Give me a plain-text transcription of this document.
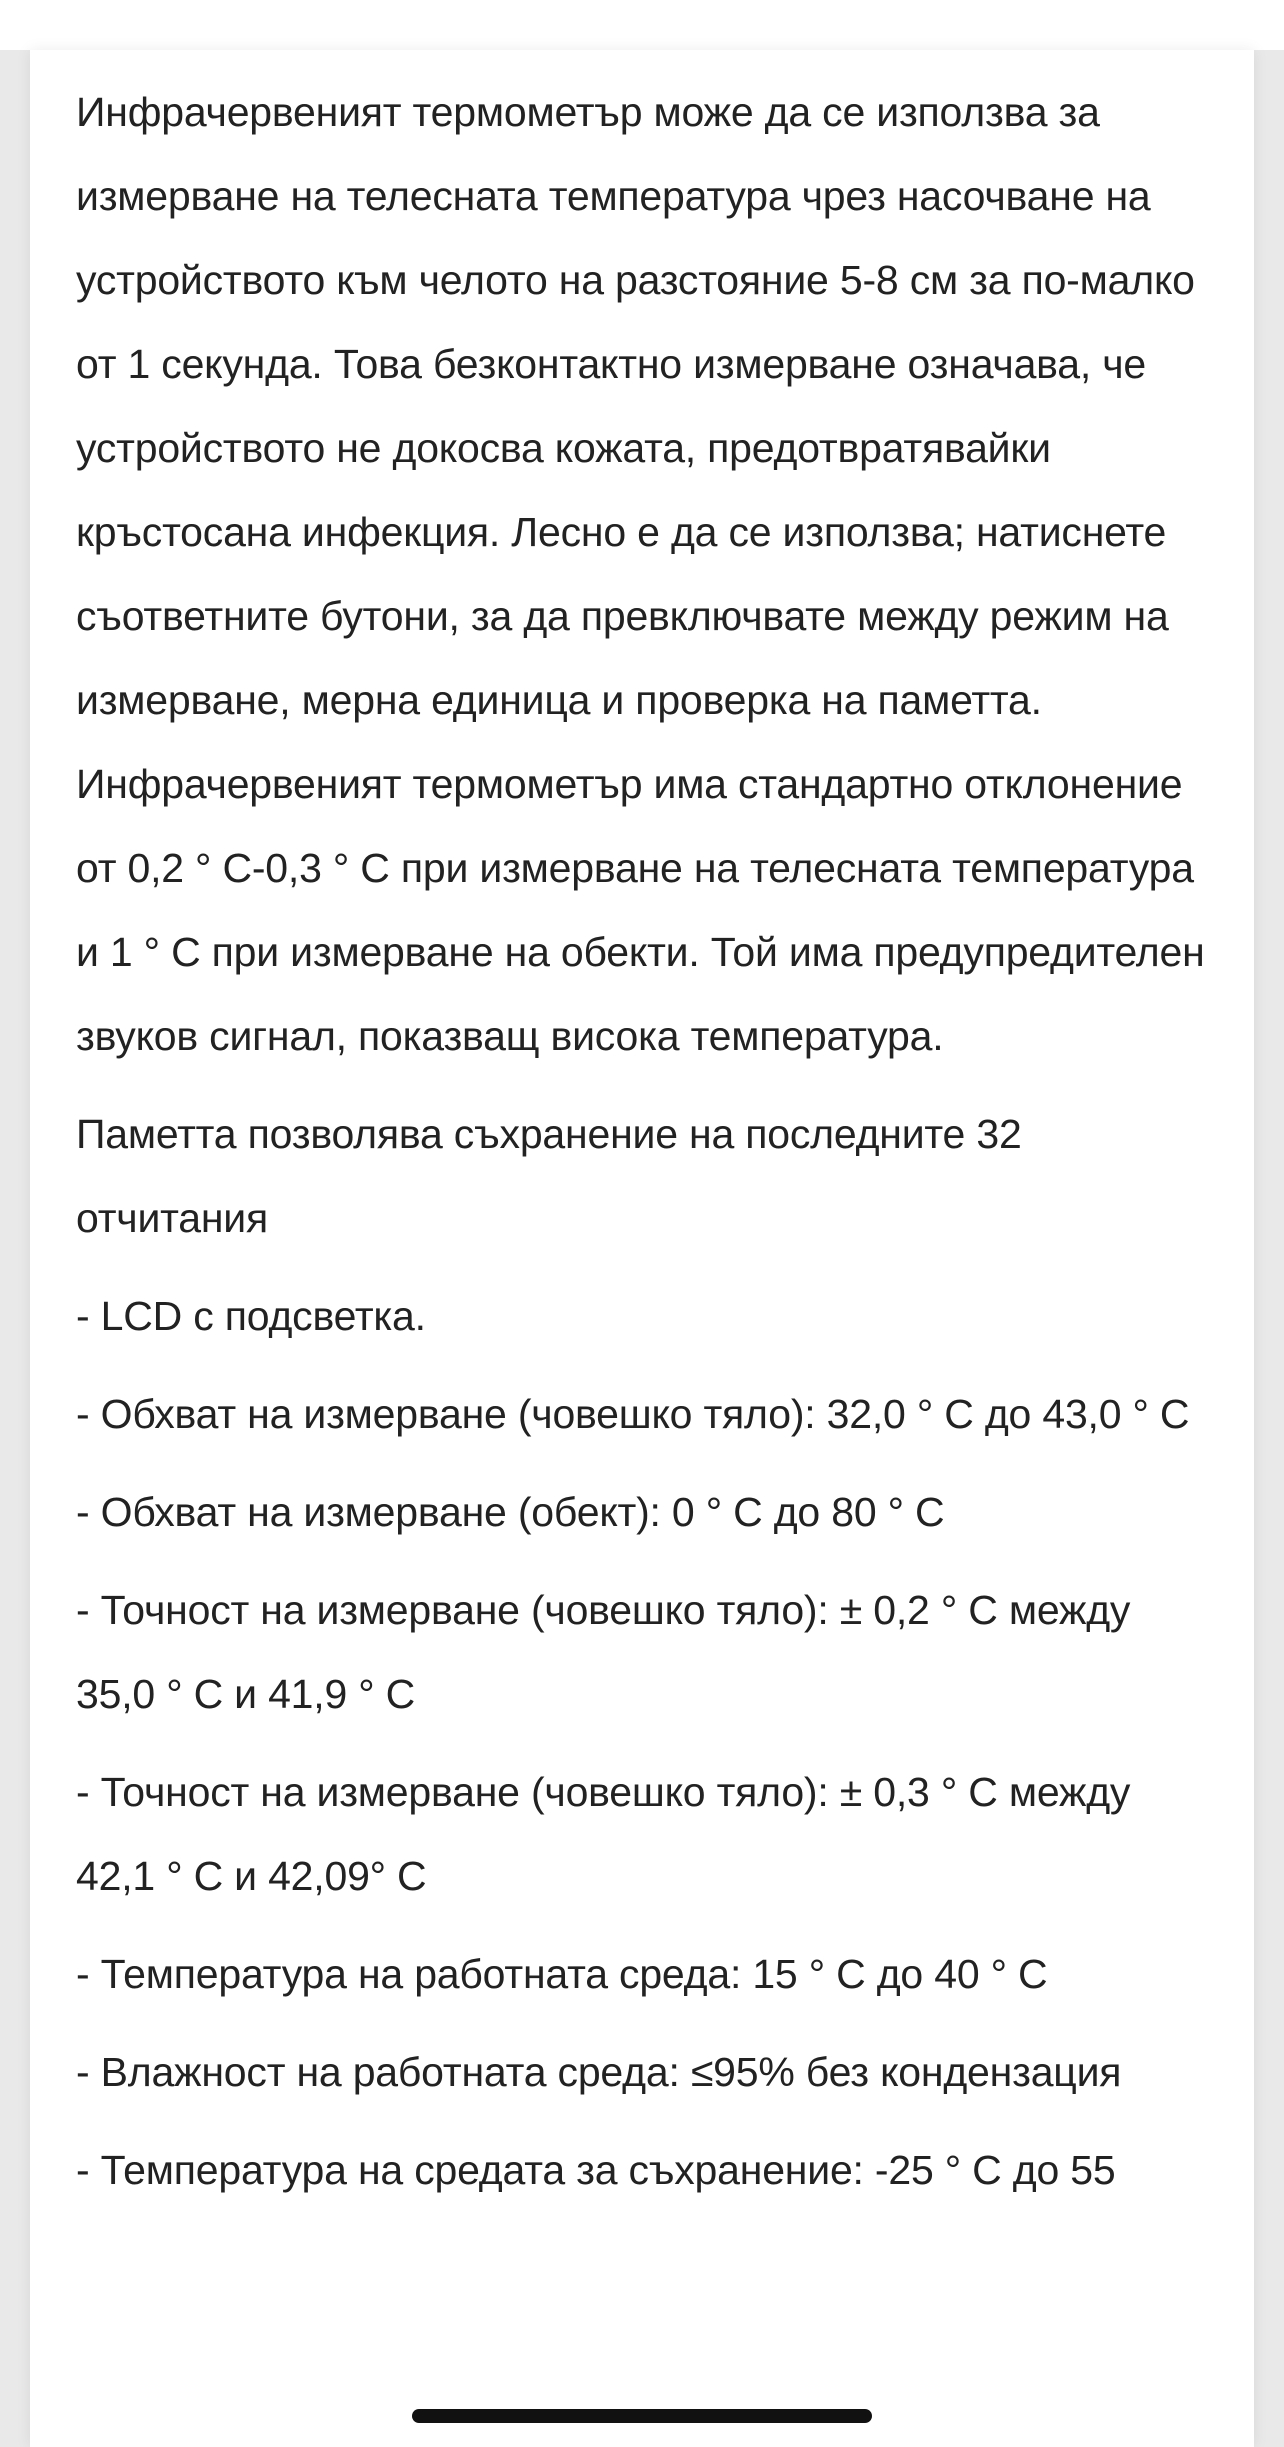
Инфрачервеният термометър може да се използва за измерване на телесната температура чрез насочване на устройството към челото на разстояние 5-8 см за по-малко от 1 секунда. Това безконтактно измерване означава, че устройството не докосва кожата, предотвратявайки кръстосана инфекция. Лесно е да се използва; натиснете съответните бутони, за да превключвате между режим на измерване, мерна единица и проверка на паметта. Инфрачервеният термометър има стандартно отклонение от 0,2 ° C-0,3 ° C при измерване на телесната температура и 1 ° C при измерване на обекти. Той има предупредителен звуков сигнал, показващ висока температура.

Паметта позволява съхранение на последните 32 отчитания

- LCD с подсветка.

- Обхват на измерване (човешко тяло): 32,0 ° C до 43,0 ° C

- Обхват на измерване (обект): 0 ° C до 80 ° C

- Точност на измерване (човешко тяло): ± 0,2 ° C между 35,0 ° C и 41,9 ° C

- Точност на измерване (човешко тяло): ± 0,3 ° C между 42,1 ° C и 42,09° C

- Температура на работната среда: 15 ° C до 40 ° C

- Влажност на работната среда: ≤95% без кондензация

- Температура на средата за съхранение: -25 ° C до 55
